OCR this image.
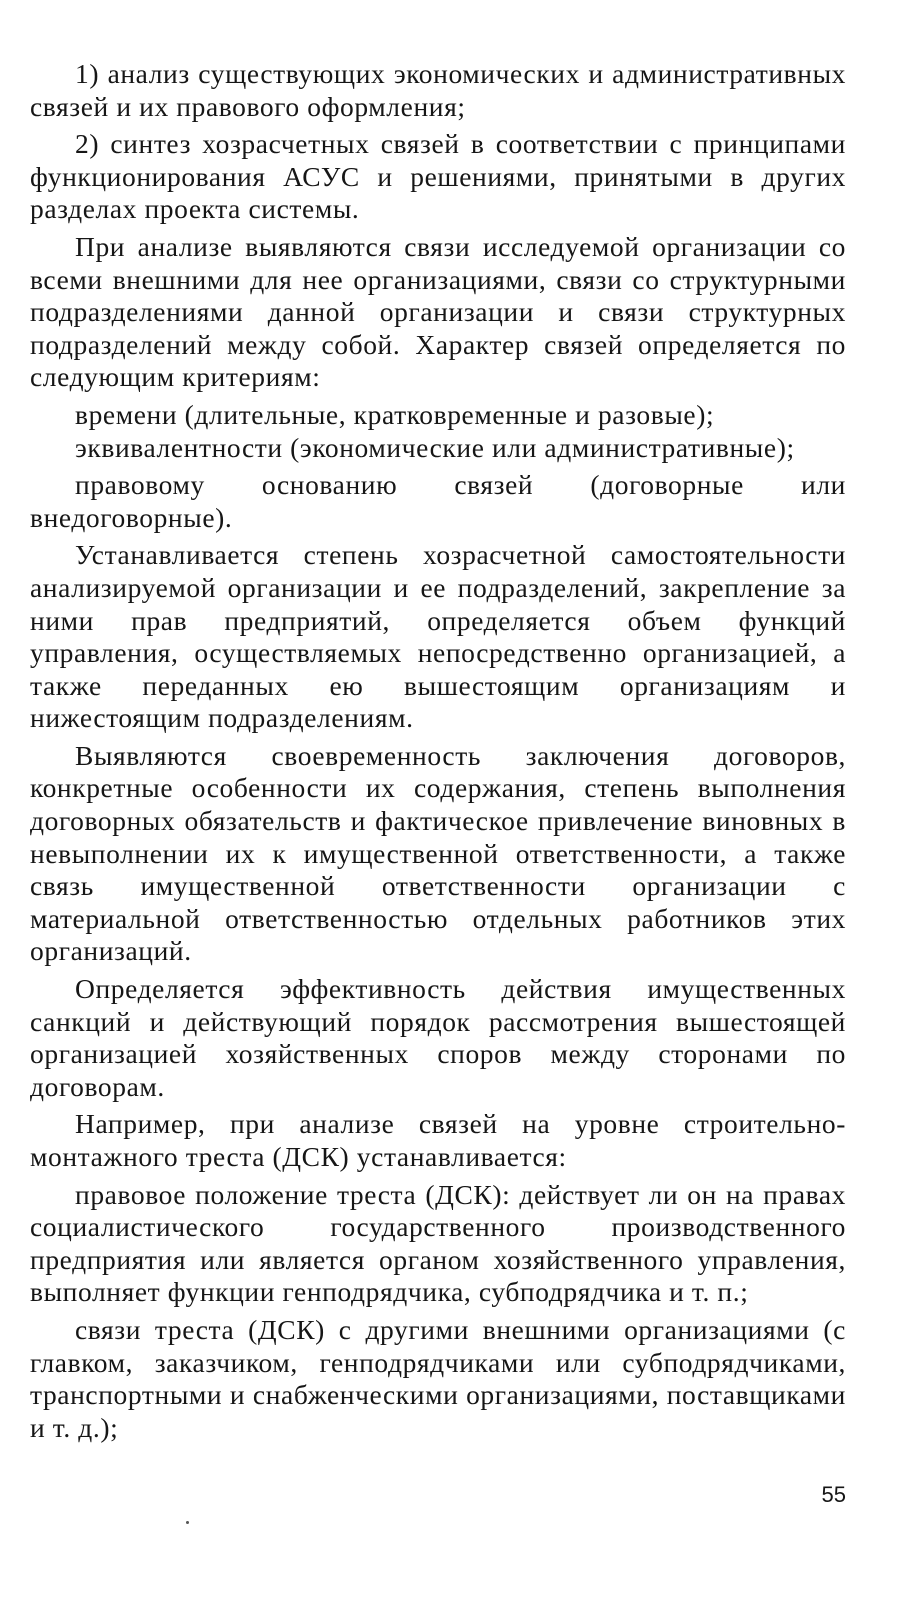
1) анализ существующих экономических и административных связей и их правового оформления;

2) синтез хозрасчетных связей в соответствии с принципами функционирования АСУС и решениями, принятыми в других разделах проекта системы.

При анализе выявляются связи исследуемой организации со всеми внешними для нее организациями, связи со структурными подразделениями данной организации и связи структурных подразделений между собой. Характер связей определяется по следующим критериям:

времени (длительные, кратковременные и разовые);

эквивалентности (экономические или административные);

правовому основанию связей (договорные или внедоговорные).

Устанавливается степень хозрасчетной самостоятельности анализируемой организации и ее подразделений, закрепление за ними прав предприятий, определяется объем функций управления, осуществляемых непосредственно организацией, а также переданных ею вышестоящим организациям и нижестоящим подразделениям.

Выявляются своевременность заключения договоров, конкретные особенности их содержания, степень выполнения договорных обязательств и фактическое привлечение виновных в невыполнении их к имущественной ответственности, а также связь имущественной ответственности организации с материальной ответственностью отдельных работников этих организаций.

Определяется эффективность действия имущественных санкций и действующий порядок рассмотрения вышестоящей организацией хозяйственных споров между сторонами по договорам.

Например, при анализе связей на уровне строительно-монтажного треста (ДСК) устанавливается:

правовое положение треста (ДСК): действует ли он на правах социалистического государственного производственного предприятия или является органом хозяйственного управления, выполняет функции генподрядчика, субподрядчика и т. п.;

связи треста (ДСК) с другими внешними организациями (с главком, заказчиком, генподрядчиками или субподрядчиками, транспортными и снабженческими организациями, поставщиками и т. д.);

55
